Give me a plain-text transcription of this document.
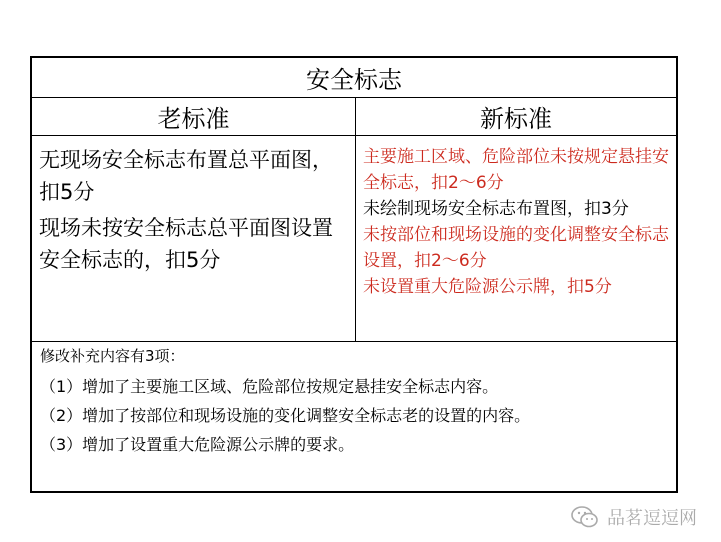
安全标志
老标准	新标准

无现场安全标志布置总平面图，扣5分

现场未按安全标志总平面图设置安全标志的，扣5分

主要施工区域、危险部位未按规定悬挂安全标志，扣2～6分

未绘制现场安全标志布置图，扣3分

未按部位和现场设施的变化调整安全标志设置，扣2～6分

未设置重大危险源公示牌，扣5分

修改补充内容有3项：

（1）增加了主要施工区域、危险部位按规定悬挂安全标志内容。

（2）增加了按部位和现场设施的变化调整安全标志老的设置的内容。

（3）增加了设置重大危险源公示牌的要求。

品茗逗逗网
